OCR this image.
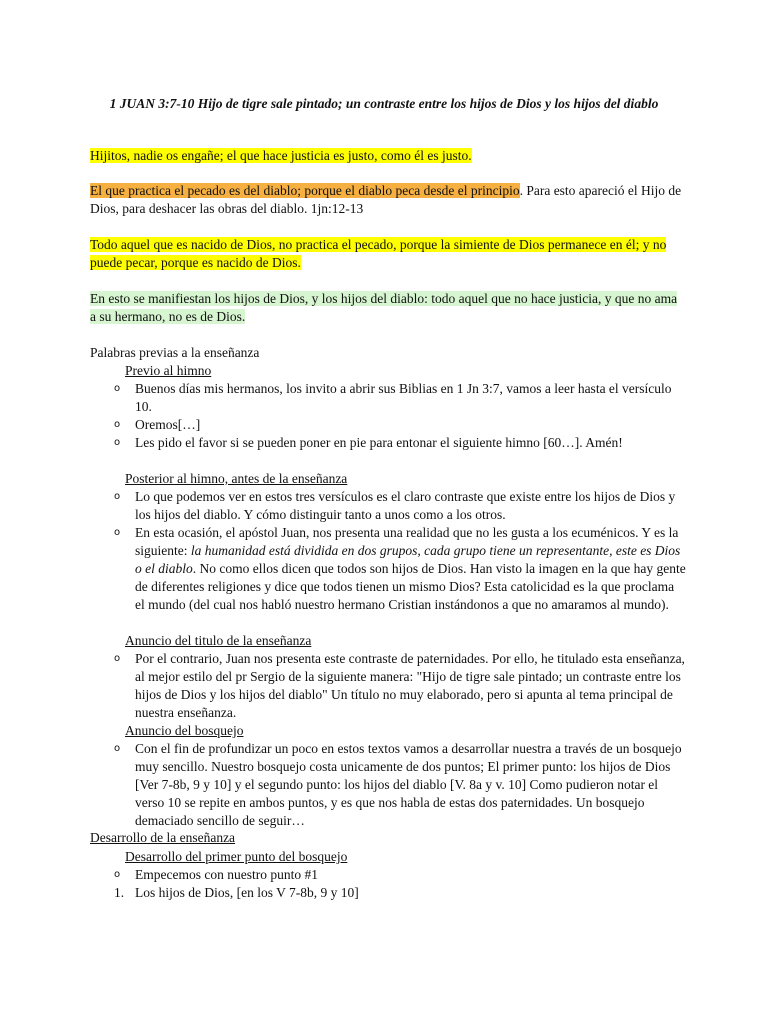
1 JUAN 3:7-10 Hijo de tigre sale pintado; un contraste entre los hijos de Dios y los hijos del diablo

Hijitos, nadie os engañe; el que hace justicia es justo, como él es justo.

El que practica el pecado es del diablo; porque el diablo peca desde el principio. Para esto apareció el Hijo de Dios, para deshacer las obras del diablo. 1jn:12-13

Todo aquel que es nacido de Dios, no practica el pecado, porque la simiente de Dios permanece en él; y no puede pecar, porque es nacido de Dios.

En esto se manifiestan los hijos de Dios, y los hijos del diablo: todo aquel que no hace justicia, y que no ama a su hermano, no es de Dios.

Palabras previas a la enseñanza

Previo al himno

o	Buenos días mis hermanos, los invito a abrir sus Biblias en 1 Jn 3:7, vamos a leer hasta el versículo 10.
o	Oremos[…]
o	Les pido el favor si se pueden poner en pie para entonar el siguiente himno [60…]. Amén!

Posterior al himno, antes de la enseñanza

o	Lo que podemos ver en estos tres versículos es el claro contraste que existe entre los hijos de Dios y los hijos del diablo. Y cómo distinguir tanto a unos como a los otros.
o	En esta ocasión, el apóstol Juan, nos presenta una realidad que no les gusta a los ecuménicos. Y es la siguiente: la humanidad está dividida en dos grupos, cada grupo tiene un representante, este es Dios o el diablo. No como ellos dicen que todos son hijos de Dios. Han visto la imagen en la que hay gente de diferentes religiones y dice que todos tienen un mismo Dios? Esta catolicidad es la que proclama el mundo (del cual nos habló nuestro hermano Cristian instándonos a que no amaramos al mundo).

Anuncio del titulo de la enseñanza

o	Por el contrario, Juan nos presenta este contraste de paternidades. Por ello, he titulado esta enseñanza, al mejor estilo del pr Sergio de la siguiente manera: "Hijo de tigre sale pintado; un contraste entre los hijos de Dios y los hijos del diablo" Un título no muy elaborado, pero si apunta al tema principal de nuestra enseñanza.

Anuncio del bosquejo

o	Con el fin de profundizar un poco en estos textos vamos a desarrollar nuestra a través de un bosquejo muy sencillo. Nuestro bosquejo costa unicamente de dos puntos; El primer punto: los hijos de Dios [Ver 7-8b, 9 y 10] y el segundo punto: los hijos del diablo [V. 8a y v. 10] Como pudieron notar el verso 10 se repite en ambos puntos, y es que nos habla de estas dos paternidades. Un bosquejo demaciado sencillo de seguir…

Desarrollo de la enseñanza

Desarrollo del primer punto del bosquejo

o	Empecemos con nuestro punto #1
1. Los hijos de Dios, [en los V 7-8b, 9 y 10]
